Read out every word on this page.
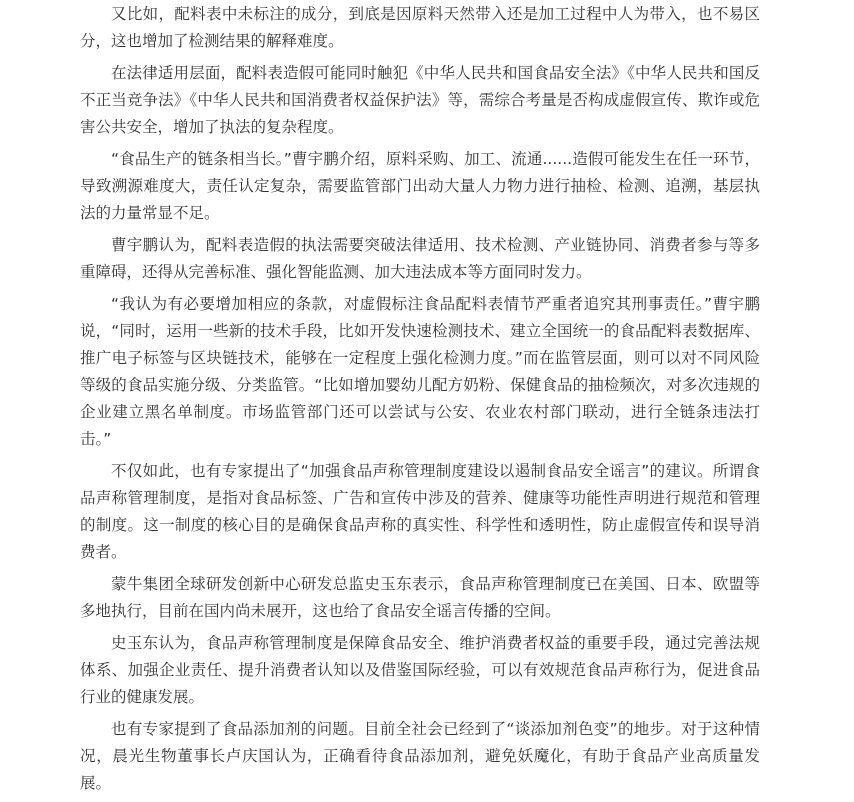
又比如，配料表中未标注的成分，到底是因原料天然带入还是加工过程中人为带入，也不易区分，这也增加了检测结果的解释难度。

在法律适用层面，配料表造假可能同时触犯《中华人民共和国食品安全法》《中华人民共和国反不正当竞争法》《中华人民共和国消费者权益保护法》等，需综合考量是否构成虚假宣传、欺诈或危害公共安全，增加了执法的复杂程度。

“食品生产的链条相当长。”曹宇鹏介绍，原料采购、加工、流通......造假可能发生在任一环节，导致溯源难度大，责任认定复杂，需要监管部门出动大量人力物力进行抽检、检测、追溯，基层执法的力量常显不足。

曹宇鹏认为，配料表造假的执法需要突破法律适用、技术检测、产业链协同、消费者参与等多重障碍，还得从完善标准、强化智能监测、加大违法成本等方面同时发力。

“我认为有必要增加相应的条款，对虚假标注食品配料表情节严重者追究其刑事责任。”曹宇鹏说，“同时，运用一些新的技术手段，比如开发快速检测技术、建立全国统一的食品配料表数据库、推广电子标签与区块链技术，能够在一定程度上强化检测力度。”而在监管层面，则可以对不同风险等级的食品实施分级、分类监管。“比如增加婴幼儿配方奶粉、保健食品的抽检频次，对多次违规的企业建立黑名单制度。市场监管部门还可以尝试与公安、农业农村部门联动，进行全链条违法打击。”

不仅如此，也有专家提出了“加强食品声称管理制度建设以遏制食品安全谣言”的建议。所谓食品声称管理制度，是指对食品标签、广告和宣传中涉及的营养、健康等功能性声明进行规范和管理的制度。这一制度的核心目的是确保食品声称的真实性、科学性和透明性，防止虚假宣传和误导消费者。

蒙牛集团全球研发创新中心研发总监史玉东表示，食品声称管理制度已在美国、日本、欧盟等多地执行，目前在国内尚未展开，这也给了食品安全谣言传播的空间。

史玉东认为，食品声称管理制度是保障食品安全、维护消费者权益的重要手段，通过完善法规体系、加强企业责任、提升消费者认知以及借鉴国际经验，可以有效规范食品声称行为，促进食品行业的健康发展。

也有专家提到了食品添加剂的问题。目前全社会已经到了“谈添加剂色变”的地步。对于这种情况，晨光生物董事长卢庆国认为，正确看待食品添加剂，避免妖魔化，有助于食品产业高质量发展。
